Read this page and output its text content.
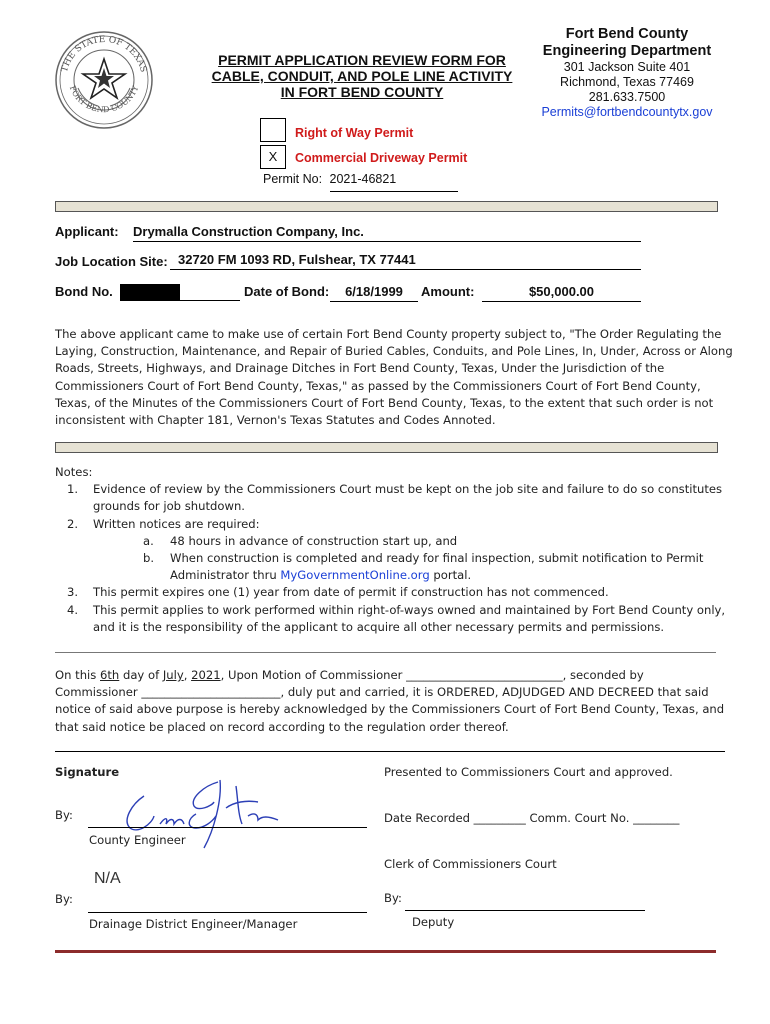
THE STATE OF TEXAS
FORT BEND COUNTY
PERMIT APPLICATION REVIEW FORM FOR
CABLE, CONDUIT, AND POLE LINE ACTIVITY
IN FORT BEND COUNTY
Fort Bend County
Engineering Department
301 Jackson Suite 401
Richmond, Texas 77469
281.633.7500
Permits@fortbendcountytx.gov
Right of Way Permit
X	Commercial Driveway Permit
Permit No: 2021-46821
Applicant: Drymalla Construction Company, Inc.
Job Location Site: 32720 FM 1093 RD, Fulshear, TX 77441
Bond No.	Date of Bond:	6/18/1999	Amount:	$50,000.00
The above applicant came to make use of certain Fort Bend County property subject to, "The Order Regulating the
Laying, Construction, Maintenance, and Repair of Buried Cables, Conduits, and Pole Lines, In, Under, Across or Along
Roads, Streets, Highways, and Drainage Ditches in Fort Bend County, Texas, Under the Jurisdiction of the
Commissioners Court of Fort Bend County, Texas," as passed by the Commissioners Court of Fort Bend County,
Texas, of the Minutes of the Commissioners Court of Fort Bend County, Texas, to the extent that such order is not
inconsistent with Chapter 181, Vernon's Texas Statutes and Codes Annoted.
Notes:
1. Evidence of review by the Commissioners Court must be kept on the job site and failure to do so constitutes
grounds for job shutdown.
2. Written notices are required:
a. 48 hours in advance of construction start up, and
b. When construction is completed and ready for final inspection, submit notification to Permit
Administrator thru MyGovernmentOnline.org portal.
3. This permit expires one (1) year from date of permit if construction has not commenced.
4. This permit applies to work performed within right-of-ways owned and maintained by Fort Bend County only,
and it is the responsibility of the applicant to acquire all other necessary permits and permissions.
On this 6th day of July, 2021, Upon Motion of Commissioner ___________________________, seconded by
Commissioner ________________________, duly put and carried, it is ORDERED, ADJUDGED AND DECREED that said
notice of said above purpose is hereby acknowledged by the Commissioners Court of Fort Bend County, Texas, and
that said notice be placed on record according to the regulation order thereof.
Signature	Presented to Commissioners Court and approved.
By:
County Engineer
Date Recorded _________ Comm. Court No. ________
Clerk of Commissioners Court
N/A
By:
Drainage District Engineer/Manager
By:
Deputy
